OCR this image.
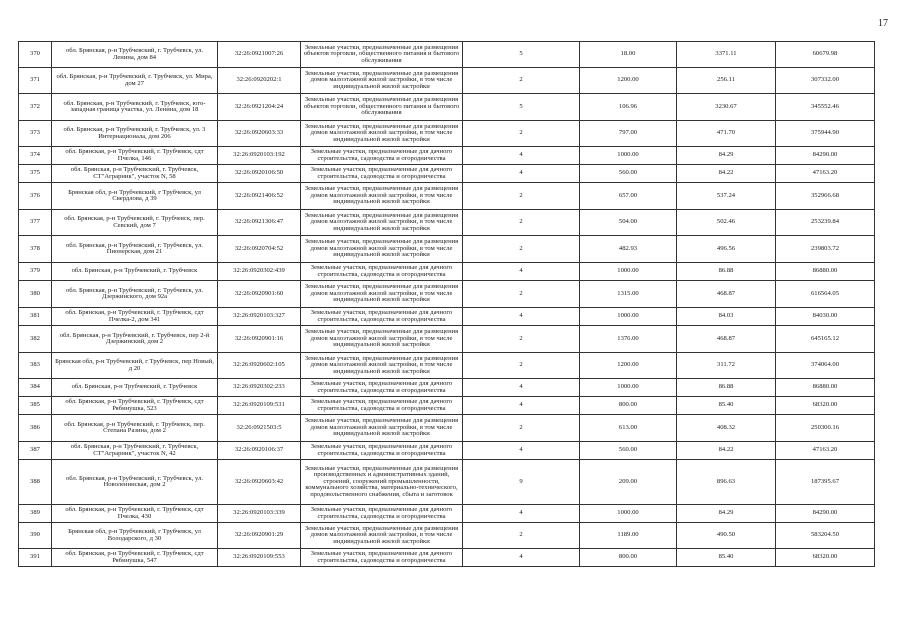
17
370	обл. Брянская, р-н Трубчевский, г. Трубчевск, ул. Ленина, дом 84	32:26:0921007:26	Земельные участки, предназначенные для размещения объектов торговли, общественного питания и бытового обслуживания	5	18.00	3371.11	60679.98
371	обл. Брянская, р-н Трубчевский, г. Трубчевск, ул. Мира, дом 27	32:26:0920202:1	Земельные участки, предназначенные для размещения домов малоэтажной жилой застройки, в том числе индивидуальной жилой застройки	2	1200.00	256.11	307332.00
372	обл. Брянская, р-н Трубчевский, г. Трубчевск, юго-западная граница участка, ул. Ленина, дом 18	32:26:0921204:24	Земельные участки, предназначенные для размещения объектов торговли, общественного питания и бытового обслуживания	5	106.96	3230.67	345552.46
373	обл. Брянская, р-н Трубчевский, г. Трубчевск, ул. 3 Интернационала, дом 206	32:26:0920603:33	Земельные участки, предназначенные для размещения домов малоэтажной жилой застройки, в том числе индивидуальной жилой застройки	2	797.00	471.70	375944.90
374	обл. Брянская, р-н Трубчевский, г. Трубчевск, сдт Пчелка, 146	32:26:0920103:192	Земельные участки, предназначенные для дачного строительства, садоводства и огородничества	4	1000.00	84.29	84290.00
375	обл. Брянская, р-н Трубчевский, г. Трубчевск, СТ"Аграрник", участок N, 58	32:26:0920106:50	Земельные участки, предназначенные для дачного строительства, садоводства и огородничества	4	560.00	84.22	47163.20
376	Брянская обл, р-н Трубчевский, г Трубчевск, ул Свердлова, д 39	32:26:0921406:52	Земельные участки, предназначенные для размещения домов малоэтажной жилой застройки, в том числе индивидуальной жилой застройки	2	657.00	537.24	352966.68
377	обл. Брянская, р-н Трубчевский, г. Трубчевск, пер. Севский, дом 7	32:26:0921306:47	Земельные участки, предназначенные для размещения домов малоэтажной жилой застройки, в том числе индивидуальной жилой застройки	2	504.00	502.46	253239.84
378	обл. Брянская, р-н Трубчевский, г. Трубчевск, ул. Пионерская, дом 21	32:26:0920704:52	Земельные участки, предназначенные для размещения домов малоэтажной жилой застройки, в том числе индивидуальной жилой застройки	2	482.93	496.56	239803.72
379	обл. Брянская, р-н Трубчевский, г. Трубчевск	32:26:0920302:439	Земельные участки, предназначенные для дачного строительства, садоводства и огородничества	4	1000.00	86.88	86880.00
380	обл. Брянская, р-н Трубчевский, г. Трубчевск, ул. Дзержинского, дом 92а	32:26:0920901:60	Земельные участки, предназначенные для размещения домов малоэтажной жилой застройки, в том числе индивидуальной жилой застройки	2	1315.00	468.87	616564.05
381	обл. Брянская, р-н Трубчевский, г. Трубчевск, сдт Пчелка-2, дом 341	32:26:0920103:327	Земельные участки, предназначенные для дачного строительства, садоводства и огородничества	4	1000.00	84.03	84030.00
382	обл. Брянская, р-н Трубчевский, г. Трубчевск, пер 2-й Дзержинский, дом 2	32:26:0920901:16	Земельные участки, предназначенные для размещения домов малоэтажной жилой застройки, в том числе индивидуальной жилой застройки	2	1376.00	468.87	645165.12
383	Брянская обл, р-н Трубчевский, г Трубчевск, пер Новый, д 20	32:26:0920602:105	Земельные участки, предназначенные для размещения домов малоэтажной жилой застройки, в том числе индивидуальной жилой застройки	2	1200.00	311.72	374064.00
384	обл. Брянская, р-н Трубчевский, г. Трубчевск	32:26:0920302:233	Земельные участки, предназначенные для дачного строительства, садоводства и огородничества	4	1000.00	86.88	86880.00
385	обл. Брянская, р-н Трубчевский, г. Трубчевск, сдт Рябинушка, 523	32:26:0920109:531	Земельные участки, предназначенные для дачного строительства, садоводства и огородничества	4	800.00	85.40	68320.00
386	обл. Брянская, р-н Трубчевский, г. Трубчевск, пер. Степана Разина, дом 2	32:26:0921503:5	Земельные участки, предназначенные для размещения домов малоэтажной жилой застройки, в том числе индивидуальной жилой застройки	2	613.00	408.32	250300.16
387	обл. Брянская, р-н Трубчевский, г. Трубчевск, СТ"Аграрник", участок N, 42	32:26:0920106:37	Земельные участки, предназначенные для дачного строительства, садоводства и огородничества	4	560.00	84.22	47163.20
388	обл. Брянская, р-н Трубчевский, г. Трубчевск, ул. Новоленинская, дом 2	32:26:0920603:42	Земельные участки, предназначенные для размещения производственных и административных зданий, строений, сооружений промышленности, коммунального хозяйства, материально-технического, продовольственного снабжения, сбыта и заготовок	9	209.00	896.63	187395.67
389	обл. Брянская, р-н Трубчевский, г. Трубчевск, сдт Пчелка, 430	32:26:0920103:339	Земельные участки, предназначенные для дачного строительства, садоводства и огородничества	4	1000.00	84.29	84290.00
390	Брянская обл, р-н Трубчевский, г Трубчевск, ул Володарского, д 30	32:26:0920901:29	Земельные участки, предназначенные для размещения домов малоэтажной жилой застройки, в том числе индивидуальной жилой застройки	2	1189.00	490.50	583204.50
391	обл. Брянская, р-н Трубчевский, г. Трубчевск, сдт Рябинушка, 547	32:26:0920109:553	Земельные участки, предназначенные для дачного строительства, садоводства и огородничества	4	800.00	85.40	68320.00
